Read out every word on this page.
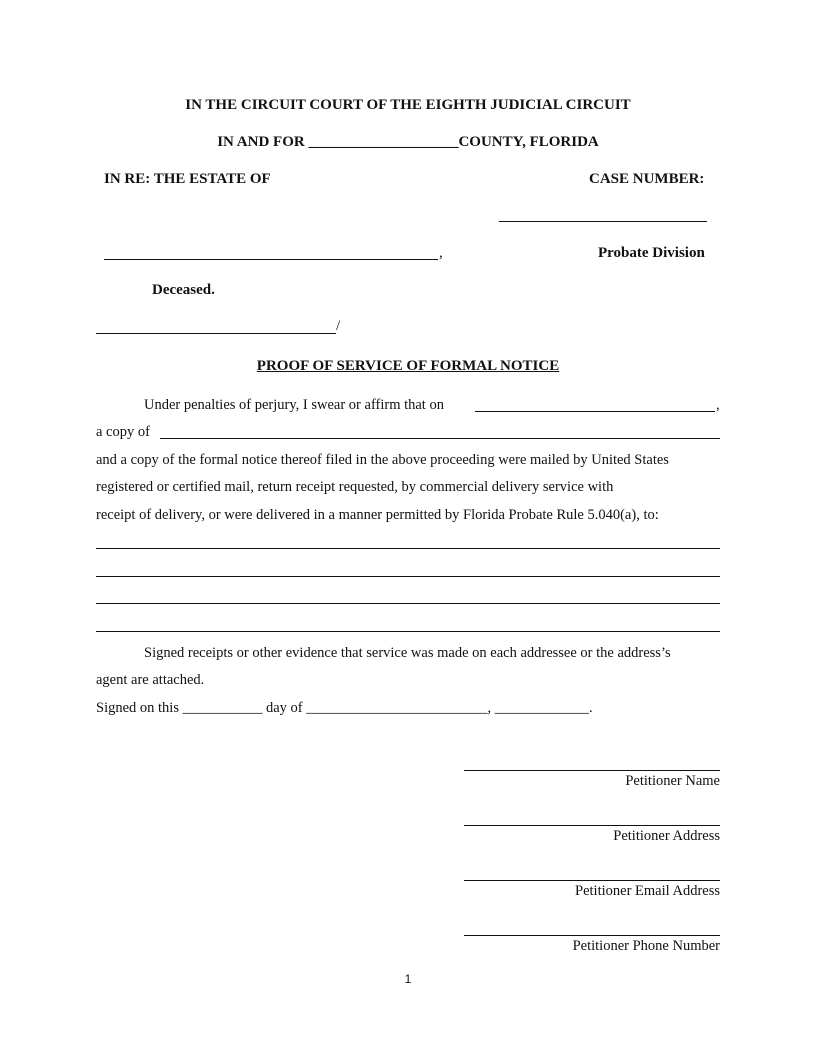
IN THE CIRCUIT COURT OF THE EIGHTH JUDICIAL CIRCUIT
IN AND FOR ____________________COUNTY, FLORIDA
IN RE: THE ESTATE OF	CASE NUMBER:
,	Probate Division
Deceased.
/
PROOF OF SERVICE OF FORMAL NOTICE
Under penalties of perjury, I swear or affirm that on	,
a copy of
and a copy of the formal notice thereof filed in the above proceeding were mailed by United States
registered or certified mail, return receipt requested, by commercial delivery service with
receipt of delivery, or were delivered in a manner permitted by Florida Probate Rule 5.040(a), to:
Signed receipts or other evidence that service was made on each addressee or the address’s
agent are attached.
Signed on this ___________ day of _________________________, _____________.
Petitioner Name
Petitioner Address
Petitioner Email Address
Petitioner Phone Number
1
